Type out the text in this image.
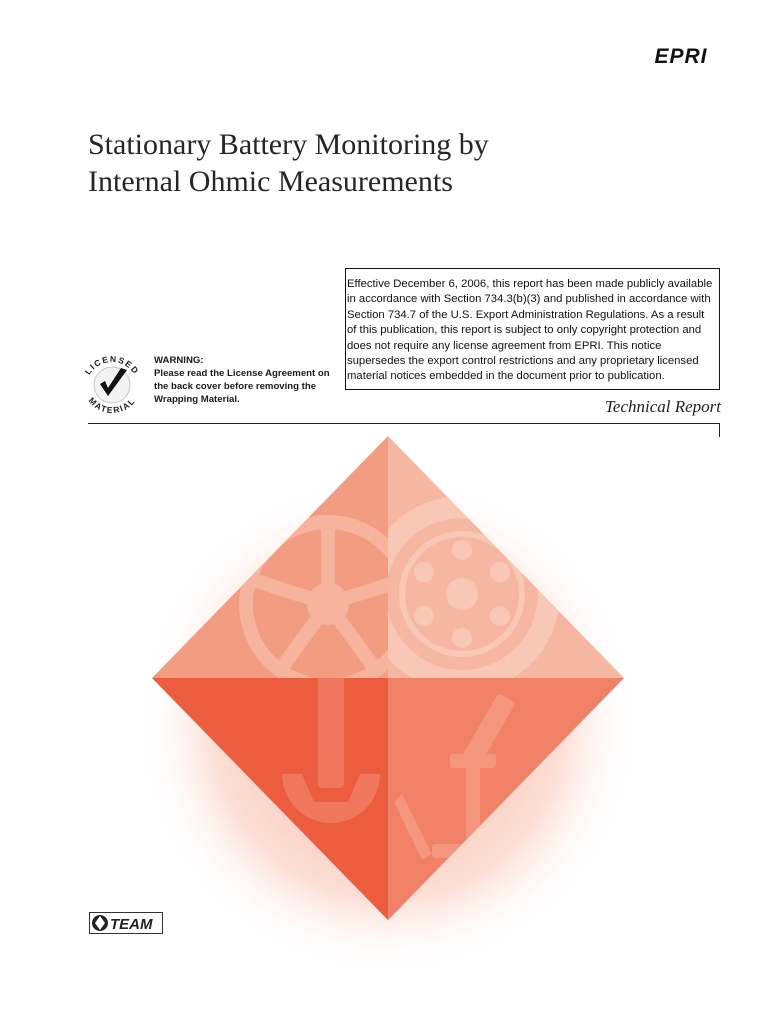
EPRI
Stationary Battery Monitoring by
Internal Ohmic Measurements
Effective December 6, 2006, this report has been made publicly available in accordance with Section 734.3(b)(3) and published in accordance with Section 734.7 of the U.S. Export Administration Regulations. As a result of this publication, this report is subject to only copyright protection and does not require any license agreement from EPRI. This notice supersedes the export control restrictions and any proprietary licensed material notices embedded in the document prior to publication.
LICENSED
MATERIAL
WARNING:
Please read the License Agreement on the back cover before removing the Wrapping Material.	Technical Report
TEAM
